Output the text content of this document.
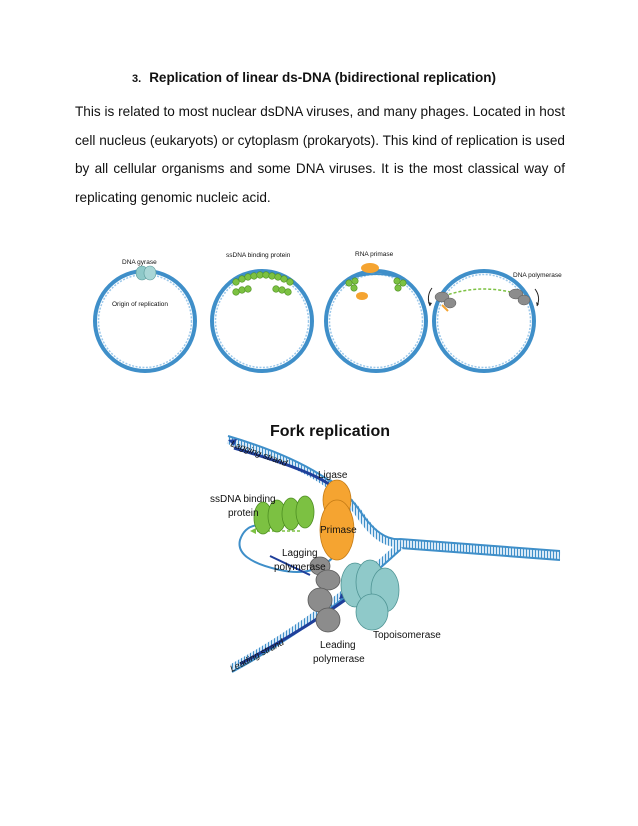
3. Replication of linear ds-DNA (bidirectional replication)

This is related to most nuclear dsDNA viruses, and many phages. Located in host cell nucleus (eukaryots) or cytoplasm (prokaryots). This kind of replication is used by all cellular organisms and some DNA viruses. It is the most classical way of replicating genomic nucleic acid.

DNA gyrase
Origin of replication
ssDNA binding protein	RNA primase
DNA polymerase
Fork replication
Lagging strand
Ligase
ssDNA binding
protein
Primase
Lagging
polymerase
Leading strand	Leading
polymerase
Topoisomerase
